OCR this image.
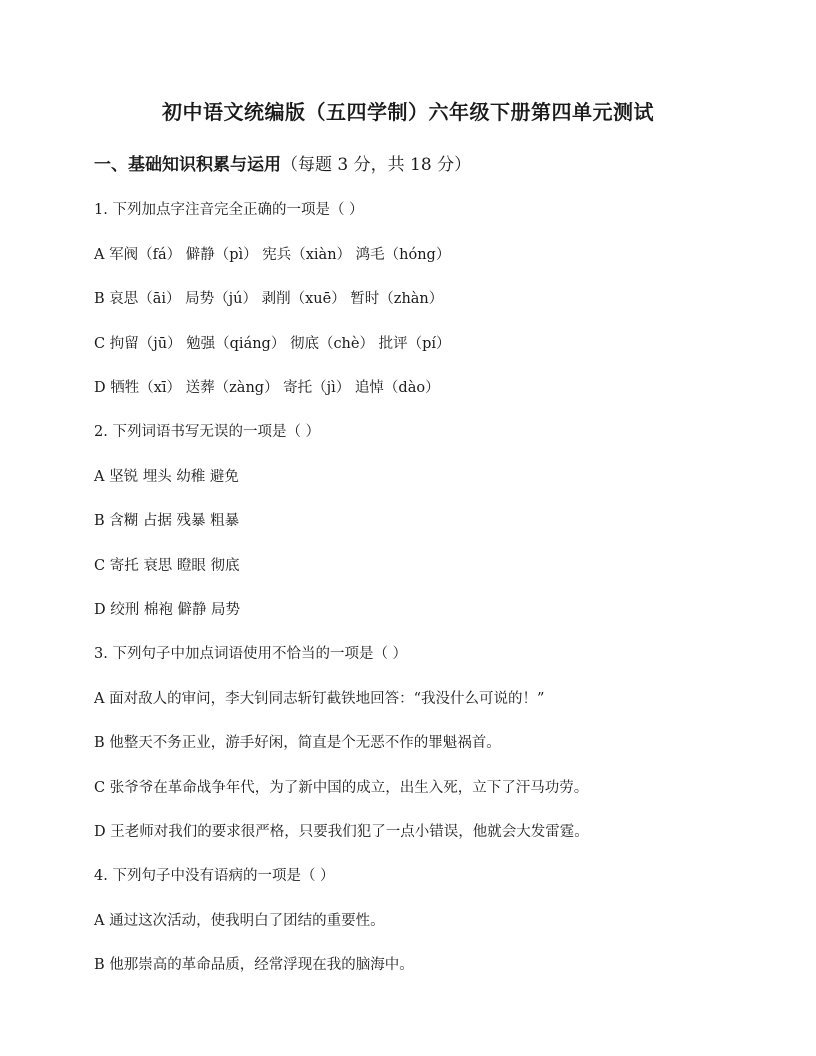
初中语文统编版（五四学制）六年级下册第四单元测试
一、基础知识积累与运用（每题 3 分，共 18 分）

1. 下列加点字注音完全正确的一项是（ ）

A 军阀（fá） 僻静（pì） 宪兵（xiàn） 鸿毛（hóng）

B 哀思（āi） 局势（jú） 剥削（xuē） 暂时（zhàn）

C 拘留（jū） 勉强（qiáng） 彻底（chè） 批评（pí）

D 牺牲（xī） 送葬（zàng） 寄托（jì） 追悼（dào）

2. 下列词语书写无误的一项是（ ）

A 坚锐 埋头 幼稚 避免

B 含糊 占据 残暴 粗暴

C 寄托 衰思 瞪眼 彻底

D 绞刑 棉袍 僻静 局势

3. 下列句子中加点词语使用不恰当的一项是（ ）

A 面对敌人的审问，李大钊同志斩钉截铁地回答：“我没什么可说的！”

B 他整天不务正业，游手好闲，简直是个无恶不作的罪魁祸首。

C 张爷爷在革命战争年代，为了新中国的成立，出生入死，立下了汗马功劳。

D 王老师对我们的要求很严格，只要我们犯了一点小错误，他就会大发雷霆。

4. 下列句子中没有语病的一项是（ ）

A 通过这次活动，使我明白了团结的重要性。

B 他那崇高的革命品质，经常浮现在我的脑海中。
